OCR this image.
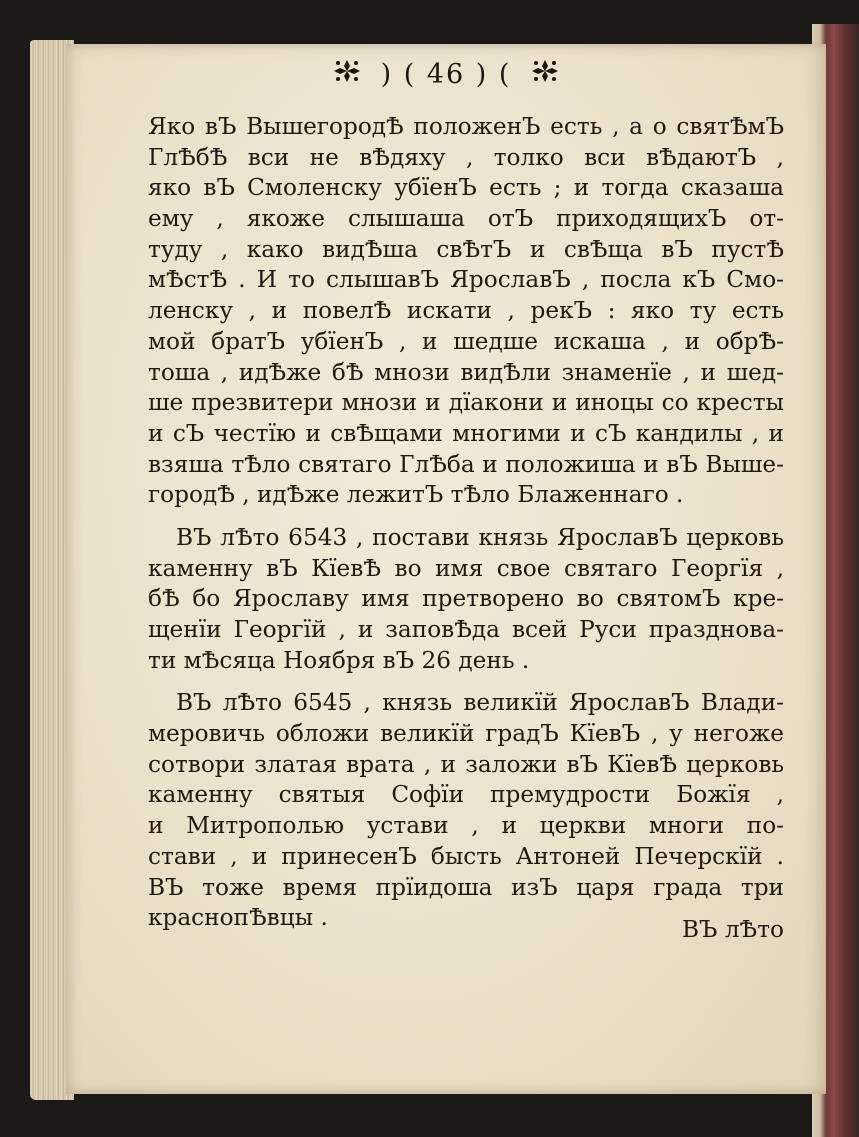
) ( 46 ) (
Яко вЪ ВышегородѢ положенЪ есть , а о святѢмЪ
ГлѢбѢ вси не вѢдяху , толко вси вѢдаютЪ ,
яко вЪ Смоленску убїенЪ есть ; и тогда сказаша
ему , якоже слышаша отЪ приходящихЪ от-
туду , како видѢша свѢтЪ и свѢща вЪ пустѢ
мѢстѢ . И то слышавЪ ЯрославЪ , посла кЪ Смо-
ленску , и повелѢ искати , рекЪ : яко ту есть
мой братЪ убїенЪ , и шедше искаша , и обрѢ-
тоша , идѢже бѢ мнози видѢли знаменїе , и шед-
ше презвитери мнози и дїакони и иноцы со кресты
и сЪ честїю и свѢщами многими и сЪ кандилы , и
взяша тѢло святаго ГлѢба и положиша и вЪ Выше-
городѢ , идѢже лежитЪ тѢло Блаженнаго .
ВЪ лѢто 6543 , постави князь ЯрославЪ церковь
каменну вЪ КїевѢ во имя свое святаго Георгїя ,
бѢ бо Ярославу имя претворено во святомЪ кре-
щенїи Георгїй , и заповѢда всей Руси празднова-
ти мѢсяца Ноября вЪ 26 день .
ВЪ лѢто 6545 , князь великїй ЯрославЪ Влади-
меровичь обложи великїй градЪ КїевЪ , у негоже
сотвори златая врата , и заложи вЪ КїевѢ церковь
каменну святыя Софїи премудрости Божїя ,
и Митрополью устави , и церкви многи по-
стави , и принесенЪ бысть Антоней Печерскїй .
ВЪ тоже время прїидоша изЪ царя града три
краснопѢвцы .	ВЪ лѢто
